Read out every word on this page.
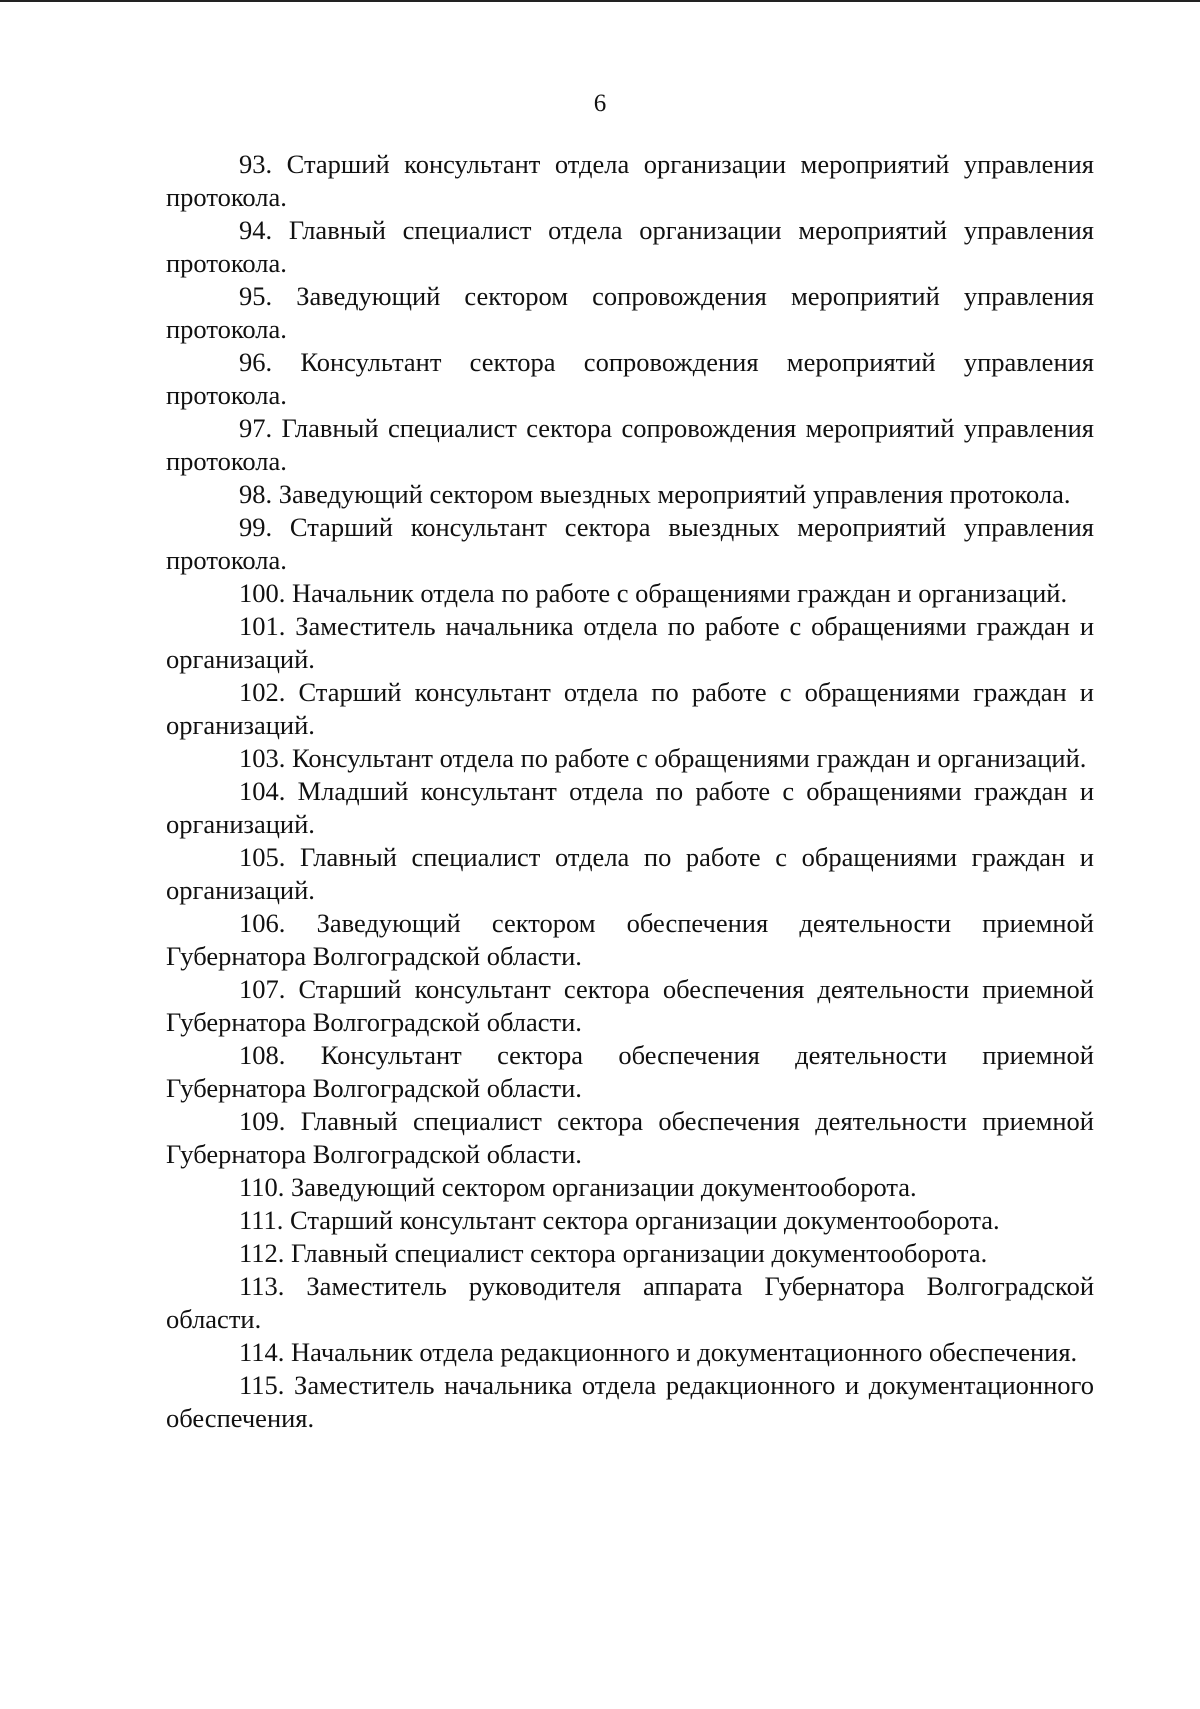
6

93. Старший консультант отдела организации мероприятий управления протокола.

94. Главный специалист отдела организации мероприятий управления протокола.

95. Заведующий сектором сопровождения мероприятий управления протокола.

96. Консультант сектора сопровождения мероприятий управления протокола.

97. Главный специалист сектора сопровождения мероприятий управления протокола.

98. Заведующий сектором выездных мероприятий управления протокола.

99. Старший консультант сектора выездных мероприятий управления протокола.

100. Начальник отдела по работе с обращениями граждан и организаций.

101. Заместитель начальника отдела по работе с обращениями граждан и организаций.

102. Старший консультант отдела по работе с обращениями граждан и организаций.

103. Консультант отдела по работе с обращениями граждан и организаций.

104. Младший консультант отдела по работе с обращениями граждан и организаций.

105. Главный специалист отдела по работе с обращениями граждан и организаций.

106. Заведующий сектором обеспечения деятельности приемной Губернатора Волгоградской области.

107. Старший консультант сектора обеспечения деятельности приемной Губернатора Волгоградской области.

108. Консультант сектора обеспечения деятельности приемной Губернатора Волгоградской области.

109. Главный специалист сектора обеспечения деятельности приемной Губернатора Волгоградской области.

110. Заведующий сектором организации документооборота.

111. Старший консультант сектора организации документооборота.

112. Главный специалист сектора организации документооборота.

113. Заместитель руководителя аппарата Губернатора Волгоградской области.

114. Начальник отдела редакционного и документационного обеспечения.

115. Заместитель начальника отдела редакционного и документационного обеспечения.
